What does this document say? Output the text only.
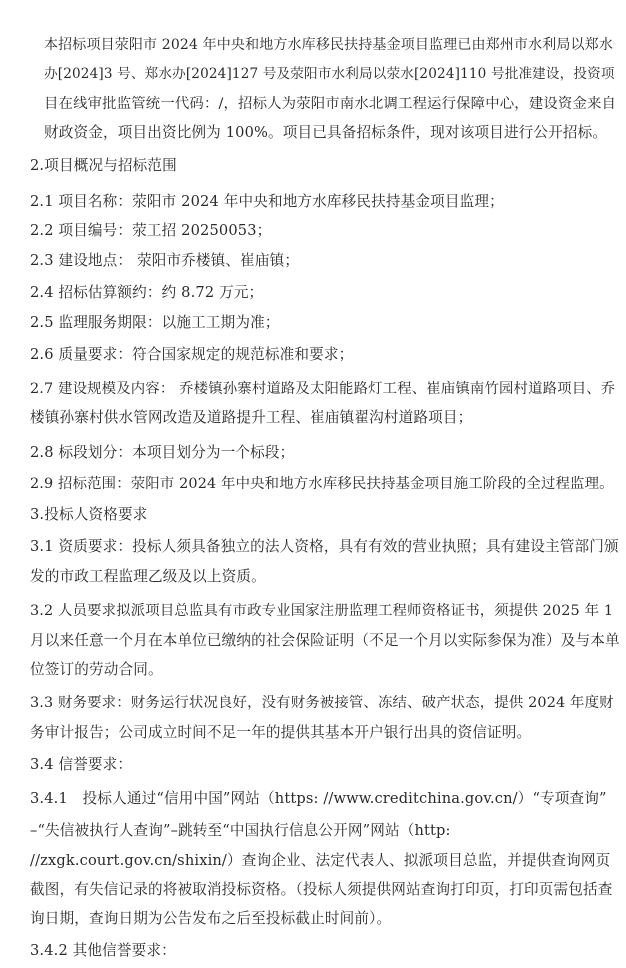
本招标项目荥阳市 2024 年中央和地方水库移民扶持基金项目监理已由郑州市水利局以郑水
办[2024]3 号、郑水办[2024]127 号及荥阳市水利局以荥水[2024]110 号批准建设，投资项
目在线审批监管统一代码：/，招标人为荥阳市南水北调工程运行保障中心，建设资金来自
财政资金，项目出资比例为 100%。项目已具备招标条件，现对该项目进行公开招标。
2.项目概况与招标范围
2.1 项目名称：荥阳市 2024 年中央和地方水库移民扶持基金项目监理；
2.2 项目编号：荥工招 20250053；
2.3 建设地点： 荥阳市乔楼镇、崔庙镇；
2.4 招标估算额约：约 8.72 万元；
2.5 监理服务期限：以施工工期为准；
2.6 质量要求：符合国家规定的规范标准和要求；
2.7 建设规模及内容： 乔楼镇孙寨村道路及太阳能路灯工程、崔庙镇南竹园村道路项目、乔
楼镇孙寨村供水管网改造及道路提升工程、崔庙镇翟沟村道路项目；
2.8 标段划分：本项目划分为一个标段；
2.9 招标范围：荥阳市 2024 年中央和地方水库移民扶持基金项目施工阶段的全过程监理。
3.投标人资格要求
3.1 资质要求：投标人须具备独立的法人资格，具有有效的营业执照；具有建设主管部门颁
发的市政工程监理乙级及以上资质。
3.2 人员要求拟派项目总监具有市政专业国家注册监理工程师资格证书，须提供 2025 年 1
月以来任意一个月在本单位已缴纳的社会保险证明（不足一个月以实际参保为准）及与本单
位签订的劳动合同。
3.3 财务要求：财务运行状况良好，没有财务被接管、冻结、破产状态，提供 2024 年度财
务审计报告；公司成立时间不足一年的提供其基本开户银行出具的资信证明。
3.4 信誉要求：
3.4.1　投标人通过“信用中国”网站（https: //www.creditchina.gov.cn/）“专项查询”
–“失信被执行人查询”–跳转至“中国执行信息公开网”网站（http:
//zxgk.court.gov.cn/shixin/）查询企业、法定代表人、拟派项目总监，并提供查询网页
截图，有失信记录的将被取消投标资格。（投标人须提供网站查询打印页，打印页需包括查
询日期，查询日期为公告发布之后至投标截止时间前）。
3.4.2 其他信誉要求：
